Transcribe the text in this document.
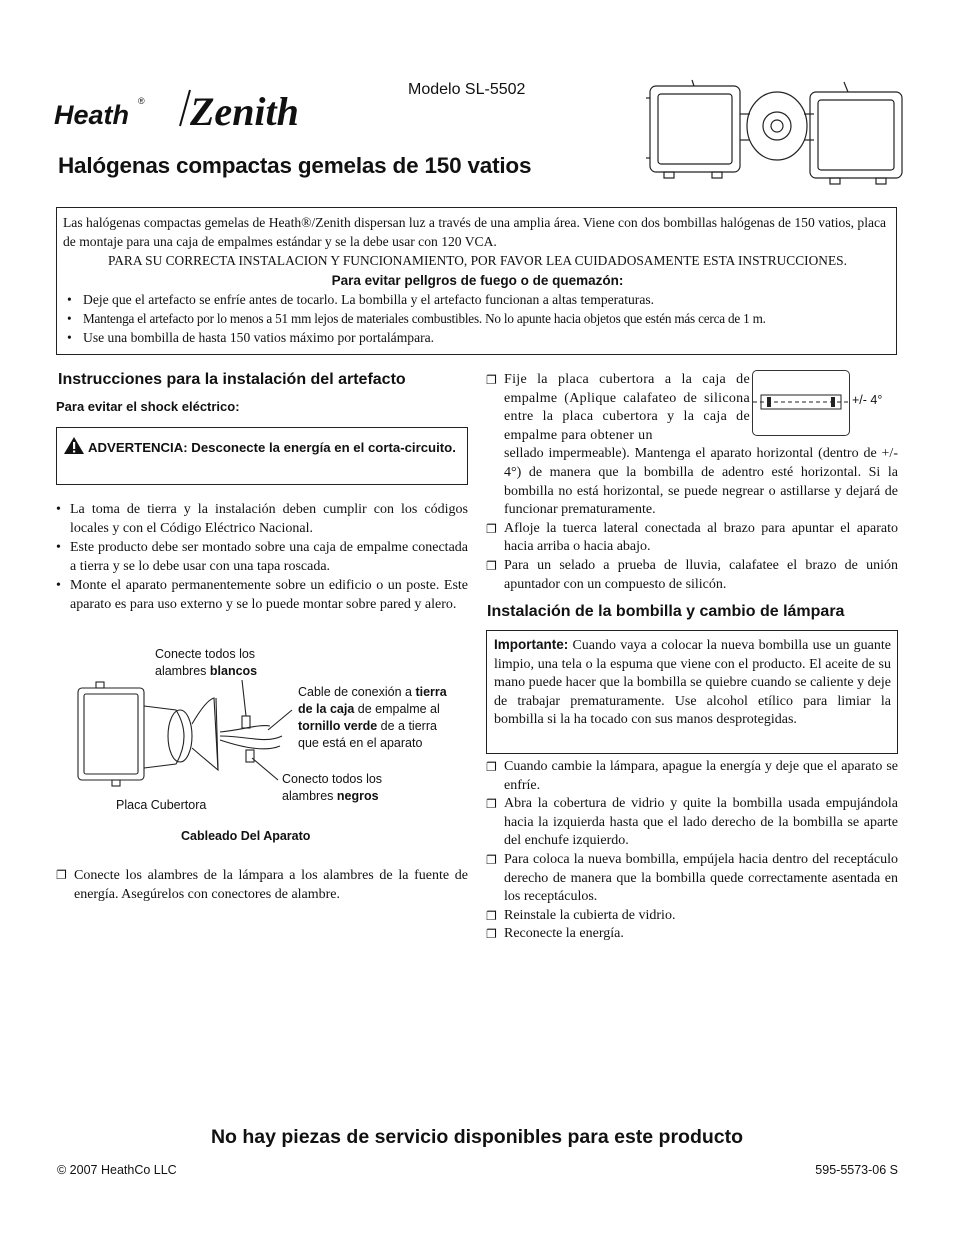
Heath ® Zenith	Modelo SL-5502
Halógenas compactas gemelas de 150 vatios
Las halógenas compactas gemelas de Heath®/Zenith dispersan luz a través de una amplia área. Viene con dos bombillas halógenas de 150 vatios, placa de montaje para una caja de empalmes estándar y se la debe usar con 120 VCA.
PARA SU CORRECTA INSTALACION Y FUNCIONAMIENTO, POR FAVOR LEA CUIDADOSAMENTE ESTA INSTRUCCIONES.
Para evitar pellgros de fuego o de quemazón:
• Deje que el artefacto se enfríe antes de tocarlo. La bombilla y el artefacto funcionan a altas temperaturas.
• Mantenga el artefacto por lo menos a 51 mm lejos de materiales combustibles. No lo apunte hacia objetos que estén más cerca de 1 m.
• Use una bombilla de hasta 150 vatios máximo por portalámpara.
Instrucciones para la instalación del artefacto
Para evitar el shock eléctrico:
ADVERTENCIA: Desconecte la energía en el corta-circuito.
• La toma de tierra y la instalación deben cumplir con los códigos locales y con el Código Eléctrico Nacional.
• Este producto debe ser montado sobre una caja de empalme conectada a tierra y se lo debe usar con una tapa roscada.
• Monte el aparato permanentemente sobre un edificio o un poste. Este aparato es para uso externo y se lo puede montar sobre pared y alero.
Conecte todos los
alambres blancos
Cable de conexión a tierra
de la caja de empalme al
tornillo verde de a tierra
que está en el aparato
Conecto todos los
alambres negros
Placa Cubertora
Cableado Del Aparato
❐ Conecte los alambres de la lámpara a los alambres de la fuente de energía. Asegúrelos con conectores de alambre.
❐ Fije la placa cubertora a la caja de empalme (Aplique calafateo de silicona entre la placa cubertora y la caja de empalme para obtener un
sellado impermeable). Mantenga el aparato horizontal (dentro de +/- 4°) de manera que la bombilla de adentro esté horizontal. Si la bombilla no está horizontal, se puede negrear o astillarse y dejará de funcionar prematuramente.
❐ Afloje la tuerca lateral conectada al brazo para apuntar el aparato hacia arriba o hacia abajo.
❐ Para un selado a prueba de lluvia, calafatee el brazo de unión apuntador con un compuesto de silicón.
+/- 4°
Instalación de la bombilla y cambio de lámpara
Importante: Cuando vaya a colocar la nueva bombilla use un guante limpio, una tela o la espuma que viene con el producto. El aceite de su mano puede hacer que la bombilla se quiebre cuando se caliente y deje de trabajar prematuramente. Use alcohol etílico para limiar la bombilla si la ha tocado con sus manos desprotegidas.
❐ Cuando cambie la lámpara, apague la energía y deje que el aparato se enfríe.
❐ Abra la cobertura de vidrio y quite la bombilla usada empujándola hacia la izquierda hasta que el lado derecho de la bombilla se aparte del enchufe izquierdo.
❐ Para coloca la nueva bombilla, empújela hacia dentro del receptáculo derecho de manera que la bombilla quede correctamente asentada en los receptáculos.
❐ Reinstale la cubierta de vidrio.
❐ Reconecte la energía.
No hay piezas de servicio disponibles para este producto
© 2007 HeathCo LLC	595-5573-06 S
